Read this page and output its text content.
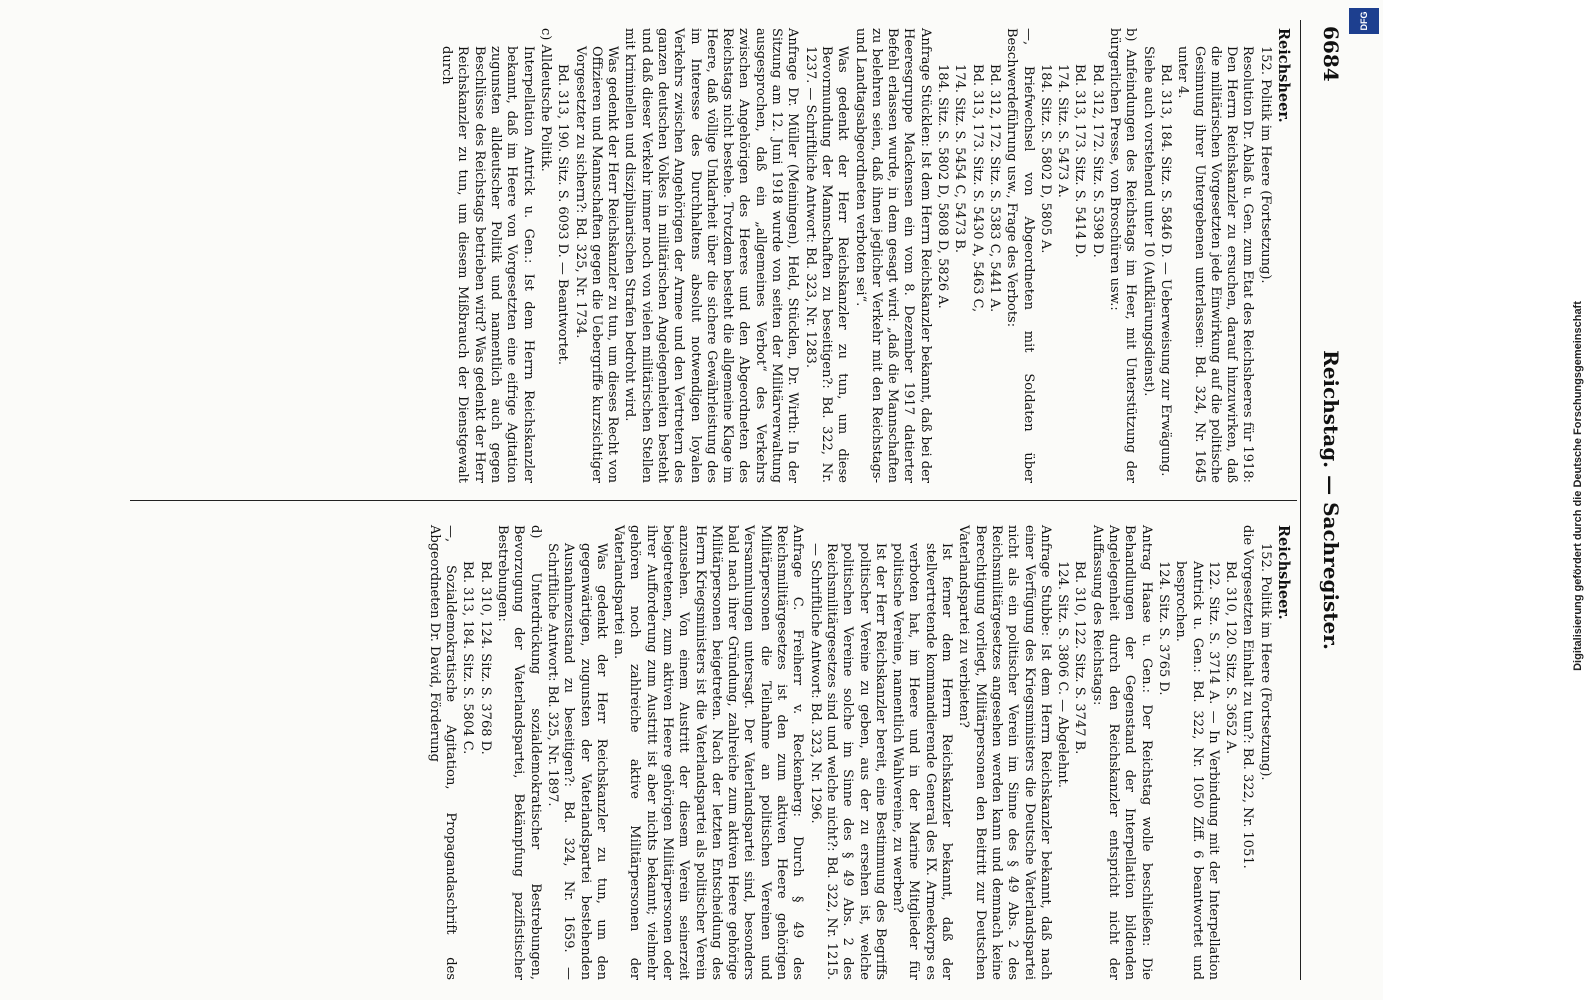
6684
Reichstag. — Sachregister.
Reichsheer.
152. Politik im Heere (Fortsetzung).
Resolution Dr. Ablaß u. Gen. zum Etat des Reichsheeres für 1918: Den Herrn Reichskanzler zu ersuchen, darauf hinzuwirken, daß die militärischen Vorgesetzten jede Einwirkung auf die politische Gesinnung ihrer Untergebenen unterlassen: Bd. 324, Nr. 1645 unter 4.
Bd. 313, 184. Sitz. S. 5846 D. — Ueberweisung zur Erwägung.
Siehe auch vorstehend unter 10 (Aufklärungsdienst).
b) Anfeindungen des Reichstags im Heer, mit Unterstützung der bürgerlichen Presse, von Broschüren usw.:
Bd. 312, 172. Sitz. S. 5398 D.
Bd. 313, 173. Sitz. S. 5414 D.
174. Sitz. S. 5473 A.
184. Sitz. S. 5802 D, 5805 A.
—, Briefwechsel von Abgeordneten mit Soldaten über Beschwerdeführung usw., Frage des Verbots:
Bd. 312, 172. Sitz. S. 5383 C, 5441 A.
Bd. 313, 173. Sitz. S. 5430 A, 5463 C,
174. Sitz. S. 5454 C, 5473 B.
184. Sitz. S. 5802 D, 5808 D, 5826 A.
Anfrage Stücklen: Ist dem Herrn Reichskanzler bekannt, daß bei der Heeresgruppe Mackensen ein vom 8. Dezember 1917 datierter Befehl erlassen wurde, in dem gesagt wird: „daß die Mannschaften zu belehren seien, daß ihnen jeglicher Verkehr mit den Reichstags- und Landtagsabgeordneten verboten sei“.
Was gedenkt der Herr Reichskanzler zu tun, um diese Bevormundung der Mannschaften zu beseitigen?: Bd. 322, Nr. 1237. — Schriftliche Antwort: Bd. 323, Nr. 1283.
Anfrage Dr. Müller (Meiningen), Held, Stücklen, Dr. Wirth: In der Sitzung am 12. Juni 1918 wurde von seiten der Militärverwaltung ausgesprochen, daß ein „allgemeines Verbot“ des Verkehrs zwischen Angehörigen des Heeres und den Abgeordneten des Reichstags nicht bestehe. Trotzdem besteht die allgemeine Klage im Heere, daß völlige Unklarheit über die sichere Gewährleistung des im Interesse des Durchhaltens absolut notwendigen loyalen Verkehrs zwischen Angehörigen der Armee und den Vertretern des ganzen deutschen Volkes in militärischen Angelegenheiten besteht und daß dieser Verkehr immer noch von vielen militärischen Stellen mit kriminellen und disziplinarischen Strafen bedroht wird.
Was gedenkt der Herr Reichskanzler zu tun, um dieses Recht von Offizieren und Mannschaften gegen die Uebergriffe kurzsichtiger Vorgesetzter zu sichern?: Bd. 325, Nr. 1734.
Bd. 313, 190. Sitz. S. 6093 D. — Beantwortet.
c) Alldeutsche Politik.
Interpellation Antrick u. Gen.: Ist dem Herrn Reichskanzler bekannt, daß im Heere von Vorgesetzten eine eifrige Agitation zugunsten alldeutscher Politik und namentlich auch gegen Beschlüsse des Reichstags betrieben wird? Was gedenkt der Herr Reichskanzler zu tun, um diesem Mißbrauch der Dienstgewalt durch
Reichsheer.
152. Politik im Heere (Fortsetzung).
die Vorgesetzten Einhalt zu tun?: Bd. 322, Nr. 1051.
Bd. 310, 120. Sitz. S. 3652 A.
122. Sitz. S. 3714 A. — In Verbindung mit der Interpellation Antrick u. Gen.: Bd. 322, Nr. 1050 Ziff. 6 beantwortet und besprochen.
124. Sitz. S. 3765 D.
Antrag Haase u. Gen.: Der Reichstag wolle beschließen: Die Behandlungen der Gegenstand der Interpellation bildenden Angelegenheit durch den Reichskanzler entspricht nicht der Auffassung des Reichstags:
Bd. 310, 122. Sitz. S. 3747 B.
124. Sitz. S. 3806 C. — Abgelehnt.
Anfrage Stubbe: Ist dem Herrn Reichskanzler bekannt, daß nach einer Verfügung des Kriegsministers die Deutsche Vaterlandspartei nicht als ein politischer Verein im Sinne des § 49 Abs. 2 des Reichsmilitärgesetzes angesehen werden kann und demnach keine Berechtigung vorliegt, Militärpersonen den Beitritt zur Deutschen Vaterlandspartei zu verbieten?
Ist ferner dem Herrn Reichskanzler bekannt, daß der stellvertretende kommandierende General des IX. Armeekorps es verboten hat, im Heere und in der Marine Mitglieder für politische Vereine, namentlich Wahlvereine, zu werben?
Ist der Herr Reichskanzler bereit, eine Bestimmung des Begriffs politischer Vereine zu geben, aus der zu ersehen ist, welche politischen Vereine solche im Sinne des § 49 Abs. 2 des Reichsmilitärgesetzes sind und welche nicht?: Bd. 322, Nr. 1215. — Schriftliche Antwort: Bd. 323, Nr. 1296.
Anfrage C. Freiherr v. Reckenberg: Durch § 49 des Reichsmilitärgesetzes ist den zum aktiven Heere gehörigen Militärpersonen die Teilnahme an politischen Vereinen und Versammlungen untersagt. Der Vaterlandspartei sind, besonders bald nach ihrer Gründung, zahlreiche zum aktiven Heere gehörige Militärpersonen beigetreten. Nach der letzten Entscheidung des Herrn Kriegsministers ist die Vaterlandspartei als politischer Verein anzusehen. Von einem Austritt der diesem Verein seinerzeit beigetretenen, zum aktiven Heere gehörigen Militärpersonen oder ihrer Aufforderung zum Austritt ist aber nichts bekannt; vielmehr gehören noch zahlreiche aktive Militärpersonen der Vaterlandspartei an.
Was gedenkt der Herr Reichskanzler zu tun, um den gegenwärtigen, zugunsten der Vaterlandspartei bestehenden Ausnahmezustand zu beseitigen?: Bd. 324, Nr. 1659. — Schriftliche Antwort: Bd. 325, Nr. 1897.
d) Unterdrückung sozialdemokratischer Bestrebungen, Bevorzugung der Vaterlandspartei, Bekämpfung pazifistischer Bestrebungen:
Bd. 310, 124. Sitz. S. 3768 D.
Bd. 313, 184. Sitz. S. 5804 C.
—, Sozialdemokratische Agitation, Propagandaschrift des Abgeordneten Dr. David, Förderung	Digitalisierung gefördert durch die Deutsche Forschungsgemeinschaft
DFG
